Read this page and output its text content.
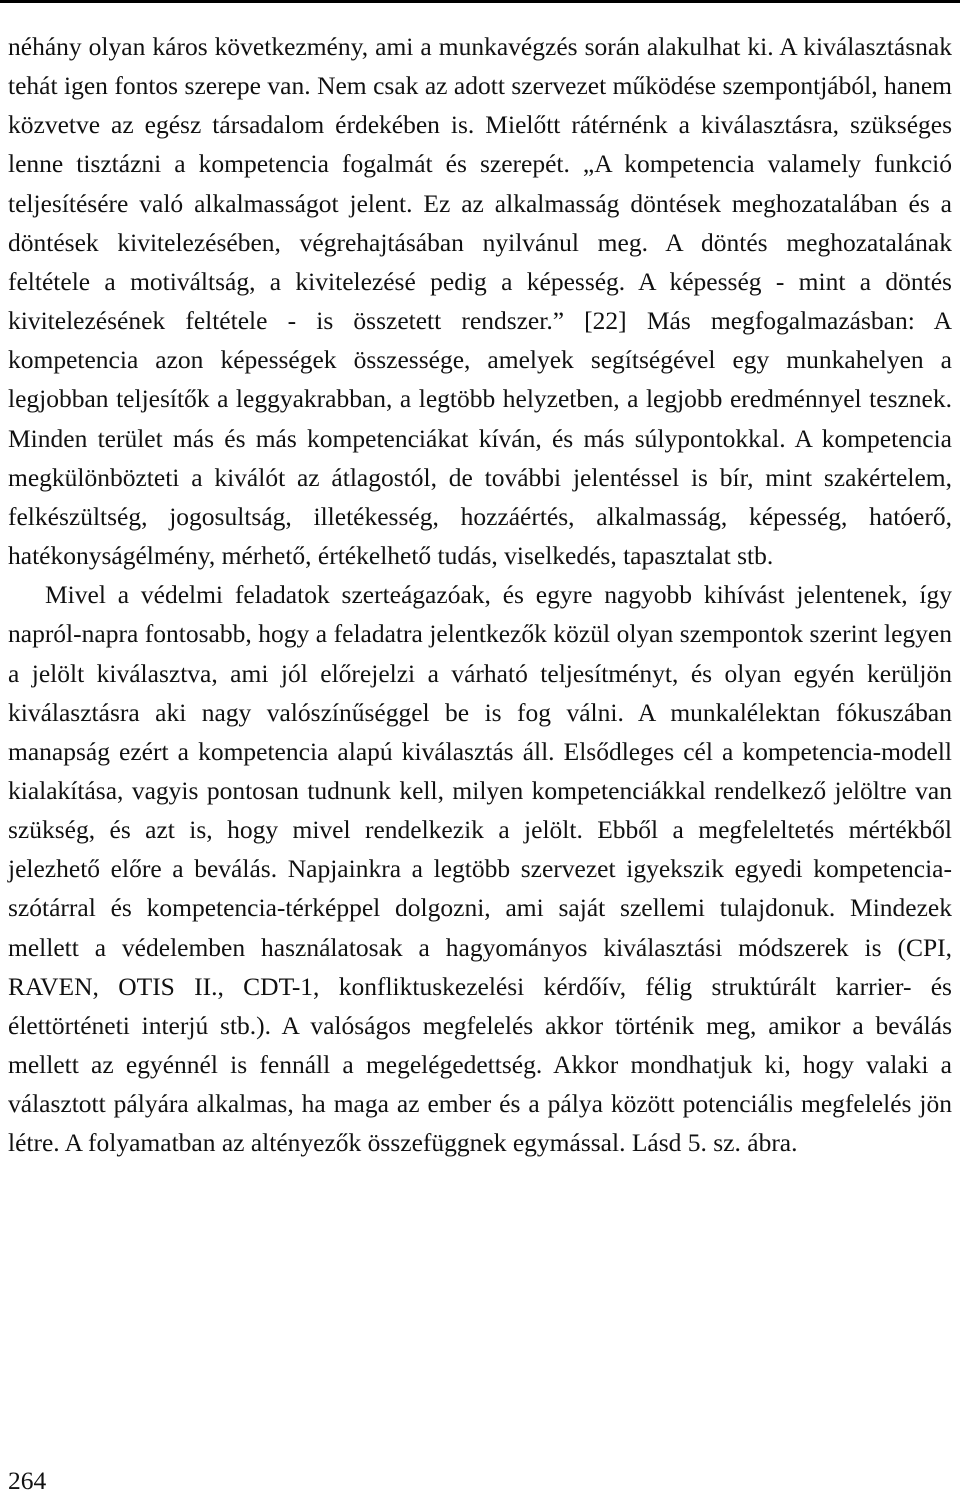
néhány olyan káros következmény, ami a munkavégzés során alakulhat ki. A kiválasztásnak tehát igen fontos szerepe van. Nem csak az adott szervezet működése szempontjából, hanem közvetve az egész társadalom érdekében is. Mielőtt rátérnénk a kiválasztásra, szükséges lenne tisztázni a kompetencia fogalmát és szerepét. „A kompetencia valamely funkció teljesítésére való alkalmasságot jelent. Ez az alkalmasság döntések meghozatalában és a döntések kivitelezésében, végrehajtásában nyilvánul meg. A döntés meghozatalának feltétele a motiváltság, a kivitelezésé pedig a képesség. A képesség - mint a döntés kivitelezésének feltétele - is összetett rendszer.” [22] Más megfogalmazásban: A kompetencia azon képességek összessége, amelyek segítségével egy munkahelyen a legjobban teljesítők a leggyakrabban, a legtöbb helyzetben, a legjobb eredménnyel tesznek. Minden terület más és más kompetenciákat kíván, és más súlypontokkal. A kompetencia megkülönbözteti a kiválót az átlagostól, de további jelentéssel is bír, mint szakértelem, felkészültség, jogosultság, illetékesség, hozzáértés, alkalmasság, képesség, hatóerő, hatékonyságélmény, mérhető, értékelhető tudás, viselkedés, tapasztalat stb.

Mivel a védelmi feladatok szerteágazóak, és egyre nagyobb kihívást jelentenek, így napról-napra fontosabb, hogy a feladatra jelentkezők közül olyan szempontok szerint legyen a jelölt kiválasztva, ami jól előrejelzi a várható teljesítményt, és olyan egyén kerüljön kiválasztásra aki nagy valószínűséggel be is fog válni. A munkalélektan fókuszában manapság ezért a kompetencia alapú kiválasztás áll. Elsődleges cél a kompetencia-modell kialakítása, vagyis pontosan tudnunk kell, milyen kompetenciákkal rendelkező jelöltre van szükség, és azt is, hogy mivel rendelkezik a jelölt. Ebből a megfeleltetés mértékből jelezhető előre a beválás. Napjainkra a legtöbb szervezet igyekszik egyedi kompetencia-szótárral és kompetencia-térképpel dolgozni, ami saját szellemi tulajdonuk. Mindezek mellett a védelemben használatosak a hagyományos kiválasztási módszerek is (CPI, RAVEN, OTIS II., CDT-1, konfliktuskezelési kérdőív, félig struktúrált karrier- és élettörténeti interjú stb.). A valóságos megfelelés akkor történik meg, amikor a beválás mellett az egyénnél is fennáll a megelégedettség. Akkor mondhatjuk ki, hogy valaki a választott pályára alkalmas, ha maga az ember és a pálya között potenciális megfelelés jön létre. A folyamatban az altényezők összefüggnek egymással. Lásd 5. sz. ábra.

264
